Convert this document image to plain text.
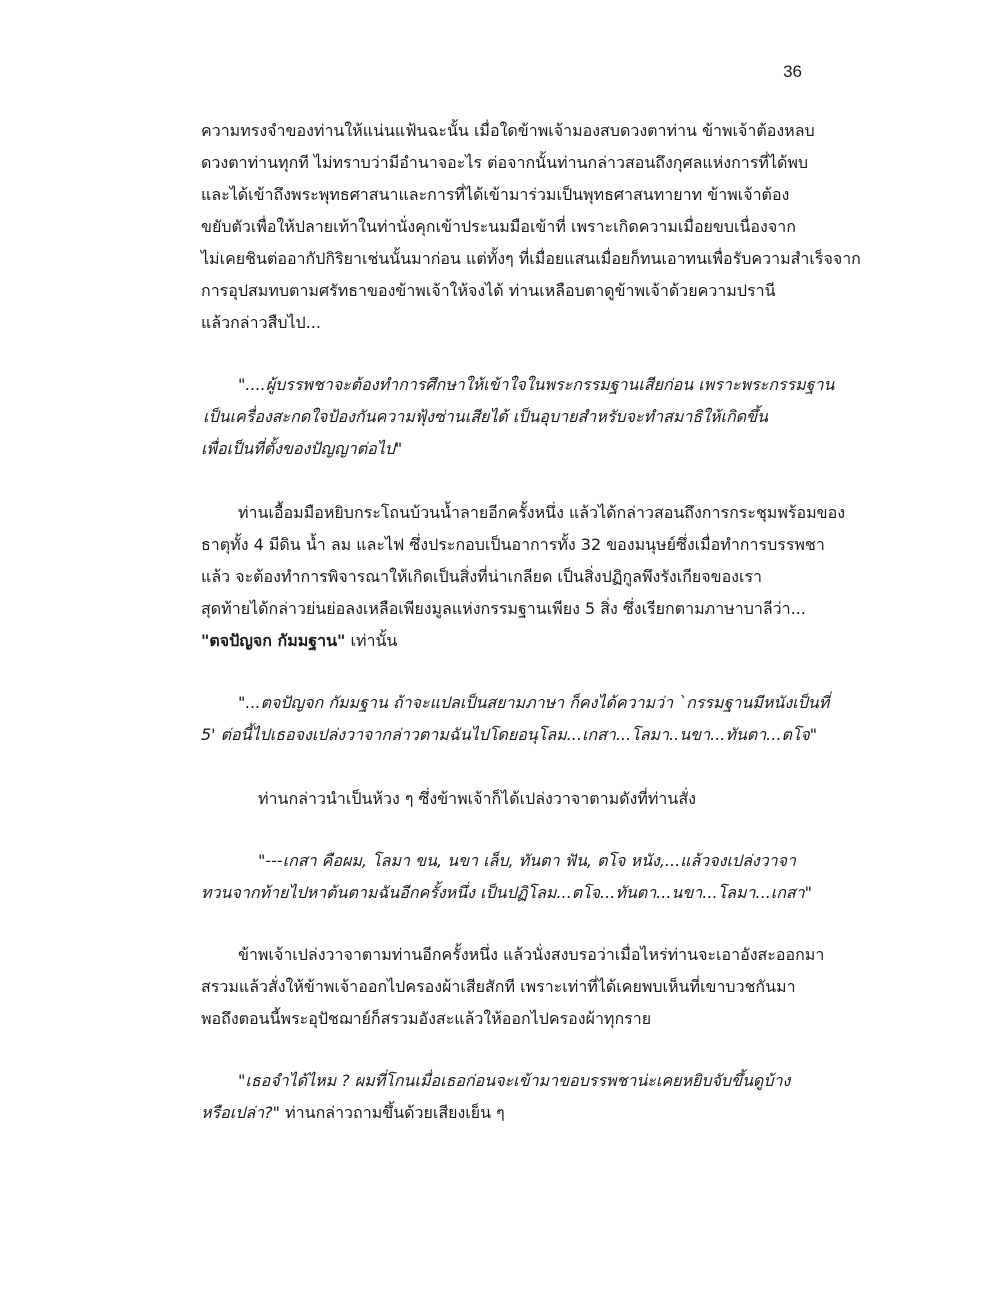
36
ความทรงจำของท่านให้แน่นแฟ้นฉะนั้น เมื่อใดข้าพเจ้ามองสบดวงตาท่าน ข้าพเจ้าต้องหลบ
ดวงตาท่านทุกที ไม่ทราบว่ามีอำนาจอะไร ต่อจากนั้นท่านกล่าวสอนถึงกุศลแห่งการที่ได้พบ
และได้เข้าถึงพระพุทธศาสนาและการที่ได้เข้ามาร่วมเป็นพุทธศาสนทายาท ข้าพเจ้าต้อง
ขยับตัวเพื่อให้ปลายเท้าในท่านั่งคุกเข้าประนมมือเข้าที่ เพราะเกิดความเมื่อยขบเนื่องจาก
ไม่เคยชินต่ออากัปกิริยาเช่นนั้นมาก่อน แต่ทั้งๆ ที่เมื่อยแสนเมื่อยก็ทนเอาทนเพื่อรับความสำเร็จจาก
การอุปสมทบตามศรัทธาของข้าพเจ้าให้จงได้ ท่านเหลือบตาดูข้าพเจ้าด้วยความปรานี
แล้วกล่าวสืบไป...
"....ผู้บรรพชาจะต้องทำการศึกษาให้เข้าใจในพระกรรมฐานเสียก่อน เพราะพระกรรมฐาน
เป็นเครื่องสะกดใจป้องกันความฟุ้งซ่านเสียได้ เป็นอุบายสำหรับจะทำสมาธิให้เกิดขึ้น
เพื่อเป็นที่ตั้งของปัญญาต่อไป"
ท่านเอื้อมมือหยิบกระโถนบ้วนน้ำลายอีกครั้งหนึ่ง แล้วได้กล่าวสอนถึงการกระชุมพร้อมของ
ธาตุทั้ง 4 มีดิน น้ำ ลม และไฟ ซึ่งประกอบเป็นอาการทั้ง 32 ของมนุษย์ซึ่งเมื่อทำการบรรพชา
แล้ว จะต้องทำการพิจารณาให้เกิดเป็นสิ่งที่น่าเกลียด เป็นสิ่งปฏิกูลพึงรังเกียจของเรา
สุดท้ายได้กล่าวย่นย่อลงเหลือเพียงมูลแห่งกรรมฐานเพียง 5 สิ่ง ซึ่งเรียกตามภาษาบาลีว่า...
"ตจปัญจก กัมมฐาน" เท่านั้น
"...ตจปัญจก กัมมฐาน ถ้าจะแปลเป็นสยามภาษา ก็คงได้ความว่า `กรรมฐานมีหนังเป็นที่
5' ต่อนี้ไปเธอจงเปล่งวาจากล่าวตามฉันไปโดยอนุโลม...เกสา...โลมา..นขา...ทันตา...ตโจ"
ท่านกล่าวนำเป็นห้วง ๆ ซึ่งข้าพเจ้าก็ได้เปล่งวาจาตามดังที่ท่านสั่ง
"---เกสา คือผม, โลมา ขน, นขา เล็บ, ทันตา ฟัน, ตโจ หนัง,...แล้วจงเปล่งวาจา
ทวนจากท้ายไปหาต้นตามฉันอีกครั้งหนึ่ง เป็นปฏิโลม...ตโจ...ทันตา...นขา...โลมา...เกสา"
ข้าพเจ้าเปล่งวาจาตามท่านอีกครั้งหนึ่ง แล้วนั่งสงบรอว่าเมื่อไหร่ท่านจะเอาอังสะออกมา
สรวมแล้วสั่งให้ข้าพเจ้าออกไปครองผ้าเสียสักที เพราะเท่าที่ได้เคยพบเห็นที่เขาบวชกันมา
พอถึงตอนนี้พระอุปัชฌาย์ก็สรวมอังสะแล้วให้ออกไปครองผ้าทุกราย
"เธอจำได้ไหม ? ผมที่โกนเมื่อเธอก่อนจะเข้ามาขอบรรพชาน่ะเคยหยิบจับขึ้นดูบ้าง
หรือเปล่า?" ท่านกล่าวถามขึ้นด้วยเสียงเย็น ๆ
